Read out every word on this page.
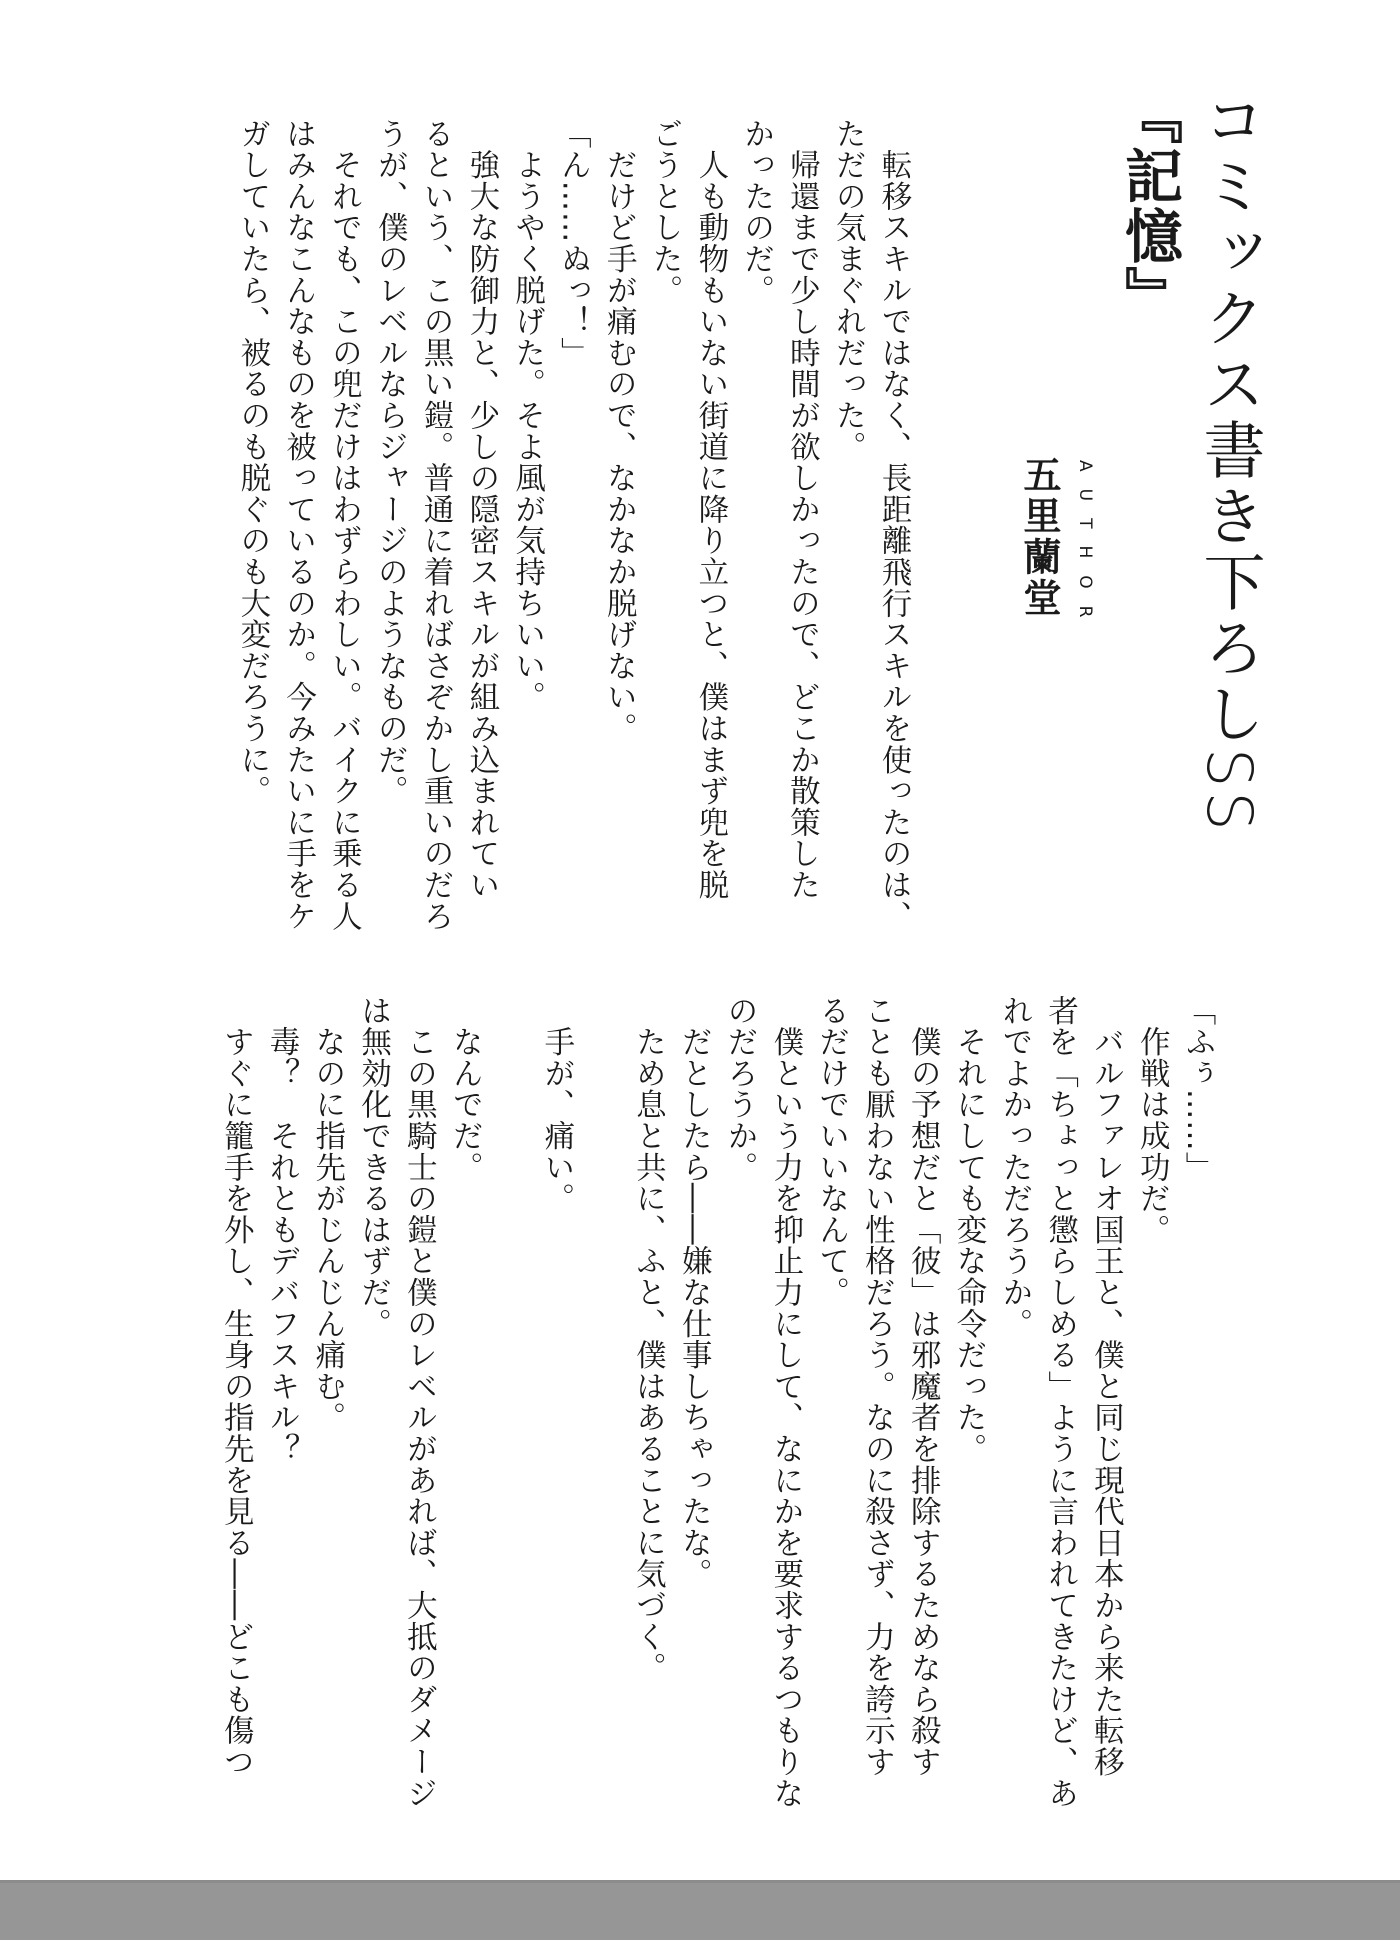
コミックス書き下ろしSS
『記憶』
AUTHOR
五里蘭堂
　転移スキルではなく、長距離飛行スキルを使ったのは、
ただの気まぐれだった。
　帰還まで少し時間が欲しかったので、どこか散策した
かったのだ。
　人も動物もいない街道に降り立つと、僕はまず兜を脱
ごうとした。
　だけど手が痛むので、なかなか脱げない。
「ん……ぬっ！」
　ようやく脱げた。そよ風が気持ちいい。
　強大な防御力と、少しの隠密スキルが組み込まれてい
るという、この黒い鎧。普通に着ればさぞかし重いのだろ
うが、僕のレベルならジャージのようなものだ。
　それでも、この兜だけはわずらわしい。バイクに乗る人
はみんなこんなものを被っているのか。今みたいに手をケ
ガしていたら、被るのも脱ぐのも大変だろうに。
「ふぅ……」
　作戦は成功だ。
　バルファレオ国王と、僕と同じ現代日本から来た転移
者を「ちょっと懲らしめる」ように言われてきたけど、あ
れでよかっただろうか。
　それにしても変な命令だった。
　僕の予想だと「彼」は邪魔者を排除するためなら殺す
ことも厭わない性格だろう。なのに殺さず、力を誇示す
るだけでいいなんて。
　僕という力を抑止力にして、なにかを要求するつもりな
のだろうか。
　だとしたら――嫌な仕事しちゃったな。
　ため息と共に、ふと、僕はあることに気づく。
　手が、痛い。
　なんでだ。
　この黒騎士の鎧と僕のレベルがあれば、大抵のダメージ
は無効化できるはずだ。
　なのに指先がじんじん痛む。
　毒？　それともデバフスキル？
　すぐに籠手を外し、生身の指先を見る――どこも傷つ
